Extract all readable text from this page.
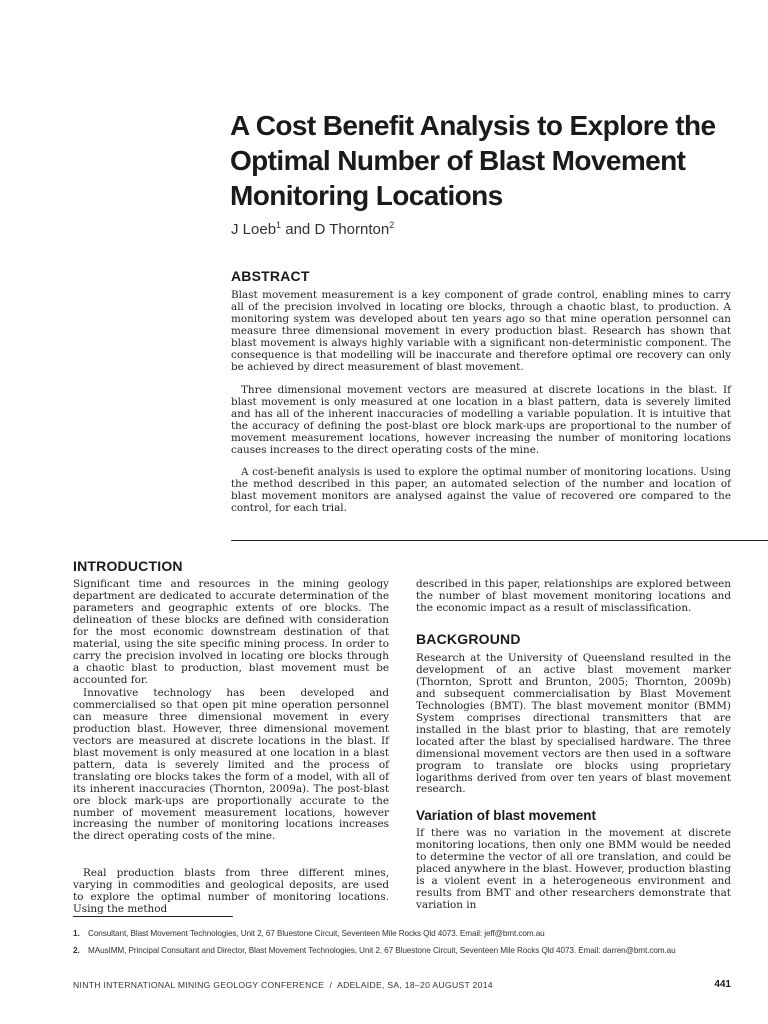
A Cost Benefit Analysis to Explore the Optimal Number of Blast Movement Monitoring Locations
J Loeb$^1$ and D Thornton$^2$
ABSTRACT

Blast movement measurement is a key component of grade control, enabling mines to carry all of the precision involved in locating ore blocks, through a chaotic blast, to production. A monitoring system was developed about ten years ago so that mine operation personnel can measure three dimensional movement in every production blast. Research has shown that blast movement is always highly variable with a significant non-deterministic component. The consequence is that modelling will be inaccurate and therefore optimal ore recovery can only be achieved by direct measurement of blast movement.

Three dimensional movement vectors are measured at discrete locations in the blast. If blast movement is only measured at one location in a blast pattern, data is severely limited and has all of the inherent inaccuracies of modelling a variable population. It is intuitive that the accuracy of defining the post-blast ore block mark-ups are proportional to the number of movement measurement locations, however increasing the number of monitoring locations causes increases to the direct operating costs of the mine.

A cost-benefit analysis is used to explore the optimal number of monitoring locations. Using the method described in this paper, an automated selection of the number and location of blast movement monitors are analysed against the value of recovered ore compared to the control, for each trial.

INTRODUCTION

Significant time and resources in the mining geology department are dedicated to accurate determination of the parameters and geographic extents of ore blocks. The delineation of these blocks are defined with consideration for the most economic downstream destination of that material, using the site specific mining process. In order to carry the precision involved in locating ore blocks through a chaotic blast to production, blast movement must be accounted for.

Innovative technology has been developed and commercialised so that open pit mine operation personnel can measure three dimensional movement in every production blast. However, three dimensional movement vectors are measured at discrete locations in the blast. If blast movement is only measured at one location in a blast pattern, data is severely limited and the process of translating ore blocks takes the form of a model, with all of its inherent inaccuracies (Thornton, 2009a). The post-blast ore block mark-ups are proportionally accurate to the number of movement measurement locations, however increasing the number of monitoring locations increases the direct operating costs of the mine.

Real production blasts from three different mines, varying in commodities and geological deposits, are used to explore the optimal number of monitoring locations. Using the method

described in this paper, relationships are explored between the number of blast movement monitoring locations and the economic impact as a result of misclassification.

BACKGROUND

Research at the University of Queensland resulted in the development of an active blast movement marker (Thornton, Sprott and Brunton, 2005; Thornton, 2009b) and subsequent commercialisation by Blast Movement Technologies (BMT). The blast movement monitor (BMM) System comprises directional transmitters that are installed in the blast prior to blasting, that are remotely located after the blast by specialised hardware. The three dimensional movement vectors are then used in a software program to translate ore blocks using proprietary logarithms derived from over ten years of blast movement research.

Variation of blast movement

If there was no variation in the movement at discrete monitoring locations, then only one BMM would be needed to determine the vector of all ore translation, and could be placed anywhere in the blast. However, production blasting is a violent event in a heterogeneous environment and results from BMT and other researchers demonstrate that variation in

1. Consultant, Blast Movement Technologies, Unit 2, 67 Bluestone Circuit, Seventeen Mile Rocks Qld 4073. Email: jeff@bmt.com.au
2. MAusIMM, Principal Consultant and Director, Blast Movement Technologies, Unit 2, 67 Bluestone Circuit, Seventeen Mile Rocks Qld 4073. Email: darren@bmt.com.au
NINTH INTERNATIONAL MINING GEOLOGY CONFERENCE  /  ADELAIDE, SA, 18–20 AUGUST 2014	441
